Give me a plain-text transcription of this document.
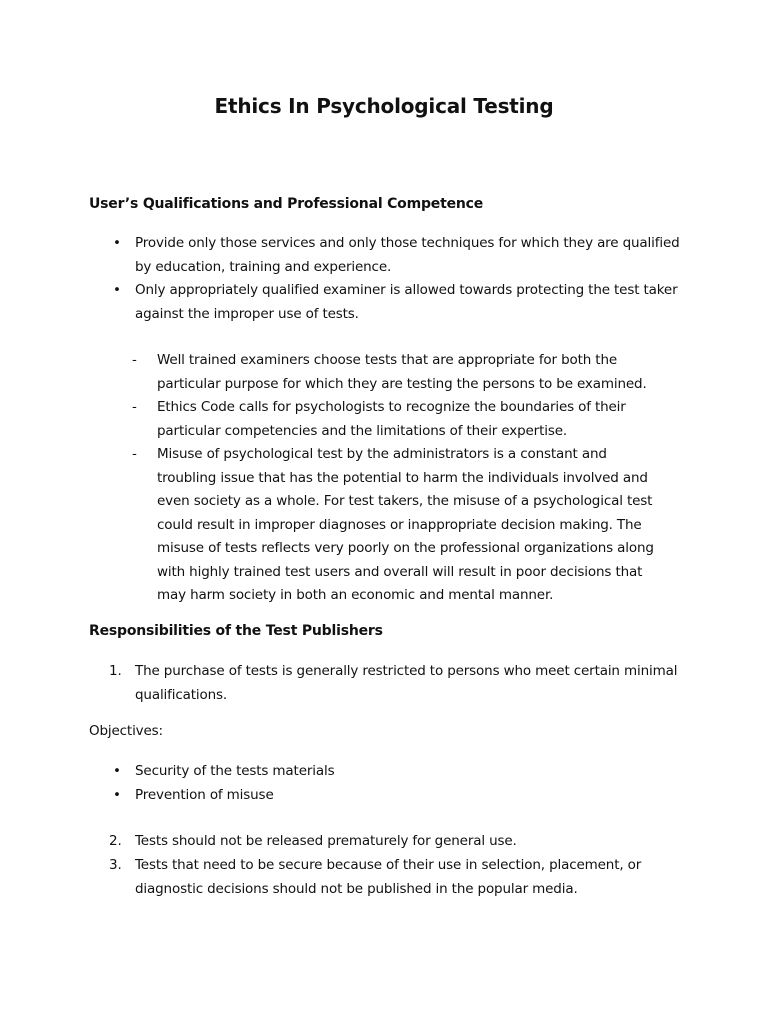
Ethics In Psychological Testing
User’s Qualifications and Professional Competence
• Provide only those services and only those techniques for which they are qualified by education, training and experience.
• Only appropriately qualified examiner is allowed towards protecting the test taker against the improper use of tests.
- Well trained examiners choose tests that are appropriate for both the particular purpose for which they are testing the persons to be examined.
- Ethics Code calls for psychologists to recognize the boundaries of their particular competencies and the limitations of their expertise.
- Misuse of psychological test by the administrators is a constant and troubling issue that has the potential to harm the individuals involved and even society as a whole. For test takers, the misuse of a psychological test could result in improper diagnoses or inappropriate decision making. The misuse of tests reflects very poorly on the professional organizations along with highly trained test users and overall will result in poor decisions that may harm society in both an economic and mental manner.
Responsibilities of the Test Publishers
1. The purchase of tests is generally restricted to persons who meet certain minimal qualifications.
Objectives:
• Security of the tests materials
• Prevention of misuse
2. Tests should not be released prematurely for general use.
3. Tests that need to be secure because of their use in selection, placement, or diagnostic decisions should not be published in the popular media.
